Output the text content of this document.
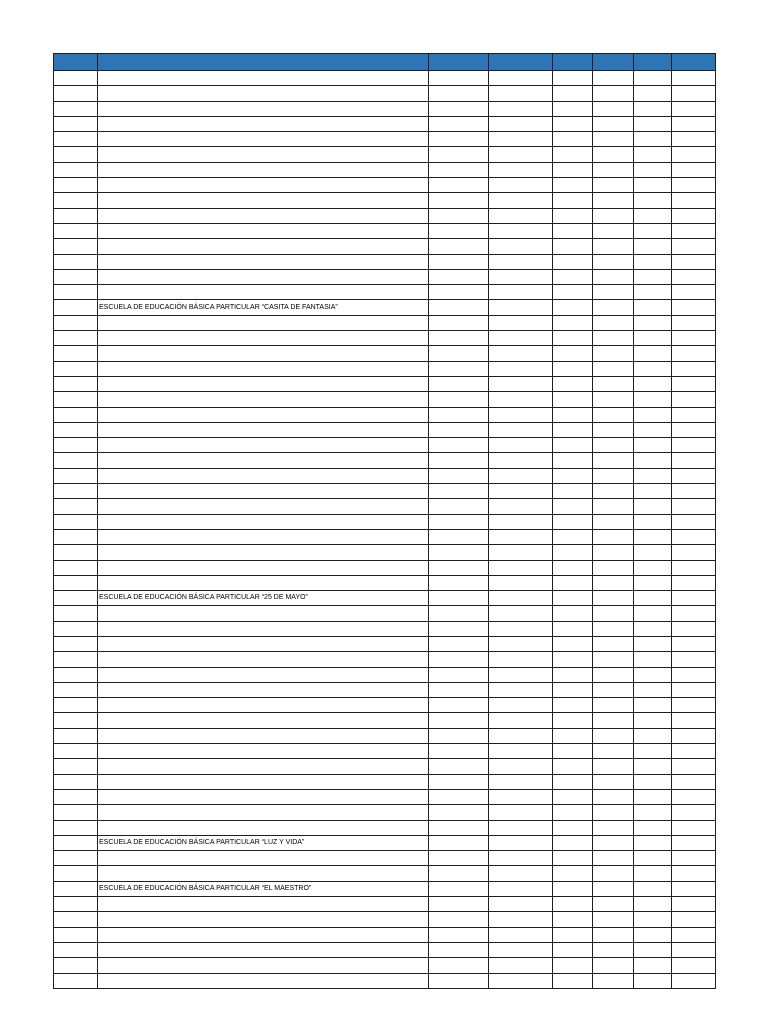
	ESCUELA DE EDUCACIÓN BÁSICA PARTICULAR “CASITA DE FANTASIA”						

	ESCUELA DE EDUCACIÓN BÁSICA PARTICULAR “25 DE MAYO”						

	ESCUELA DE EDUCACIÓN BÁSICA PARTICULAR “LUZ Y VIDA”						

	ESCUELA DE EDUCACIÓN BÁSICA PARTICULAR “EL MAESTRO”						
